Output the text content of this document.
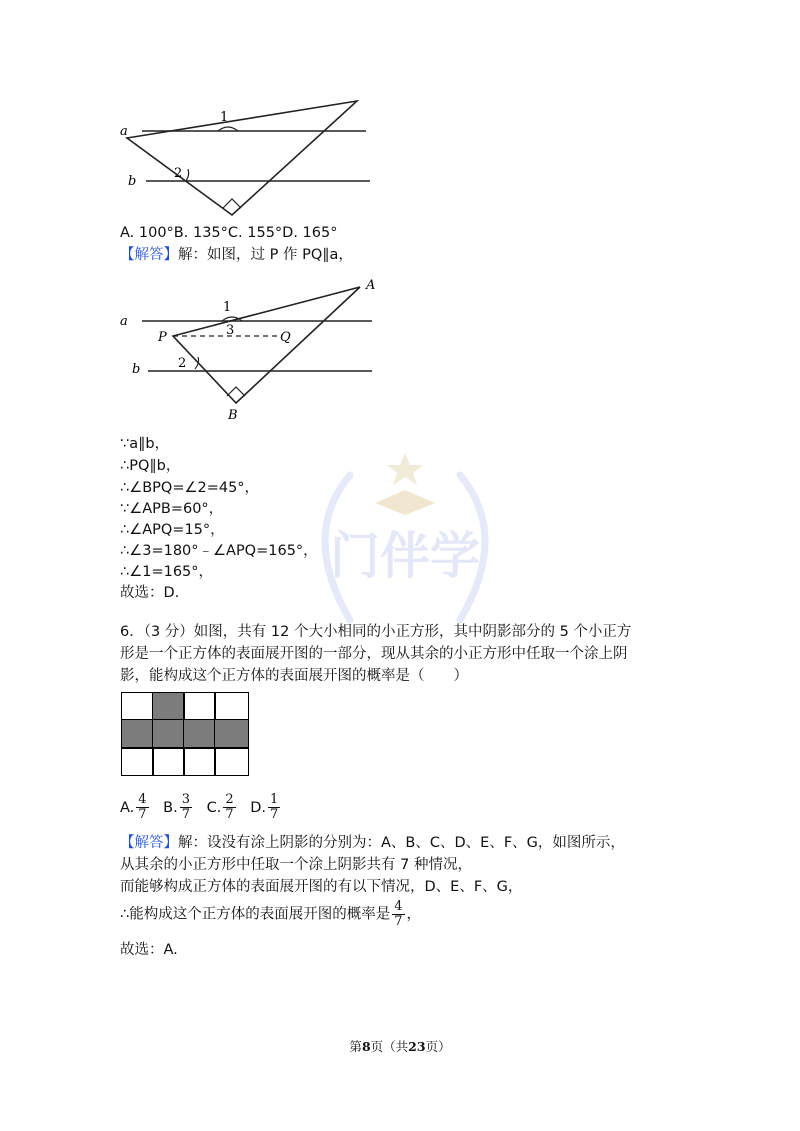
门伴学
a
b
1
2
A. 100°B. 135°C. 155°D. 165°
【解答】解：如图，过 P 作 PQ∥a，
a
b
P	Q
A
B
1
3
2
∵a∥b，
∴PQ∥b，
∴∠BPQ=∠2=45°，
∵∠APB=60°，
∴∠APQ=15°，
∴∠3=180°﹣∠APQ=165°，
∴∠1=165°，
故选：D.
6．（3 分）如图，共有 12 个大小相同的小正方形，其中阴影部分的 5 个小正方
形是一个正方体的表面展开图的一部分，现从其余的小正方形中任取一个涂上阴
影，能构成这个正方体的表面展开图的概率是（　　）
A. $\frac{4}{7} B$. $\frac{3}{7} C$. $\frac{2}{7} D$. $\frac{1}{7}$
【解答】解：设没有涂上阴影的分别为：A、B、C、D、E、F、G，如图所示，
从其余的小正方形中任取一个涂上阴影共有 7 种情况，
而能够构成正方体的表面展开图的有以下情况，D、E、F、G，
∴能构成这个正方体的表面展开图的概率是 $\frac{4}{7}$ ，
故选：A.
第8页（共23页）
